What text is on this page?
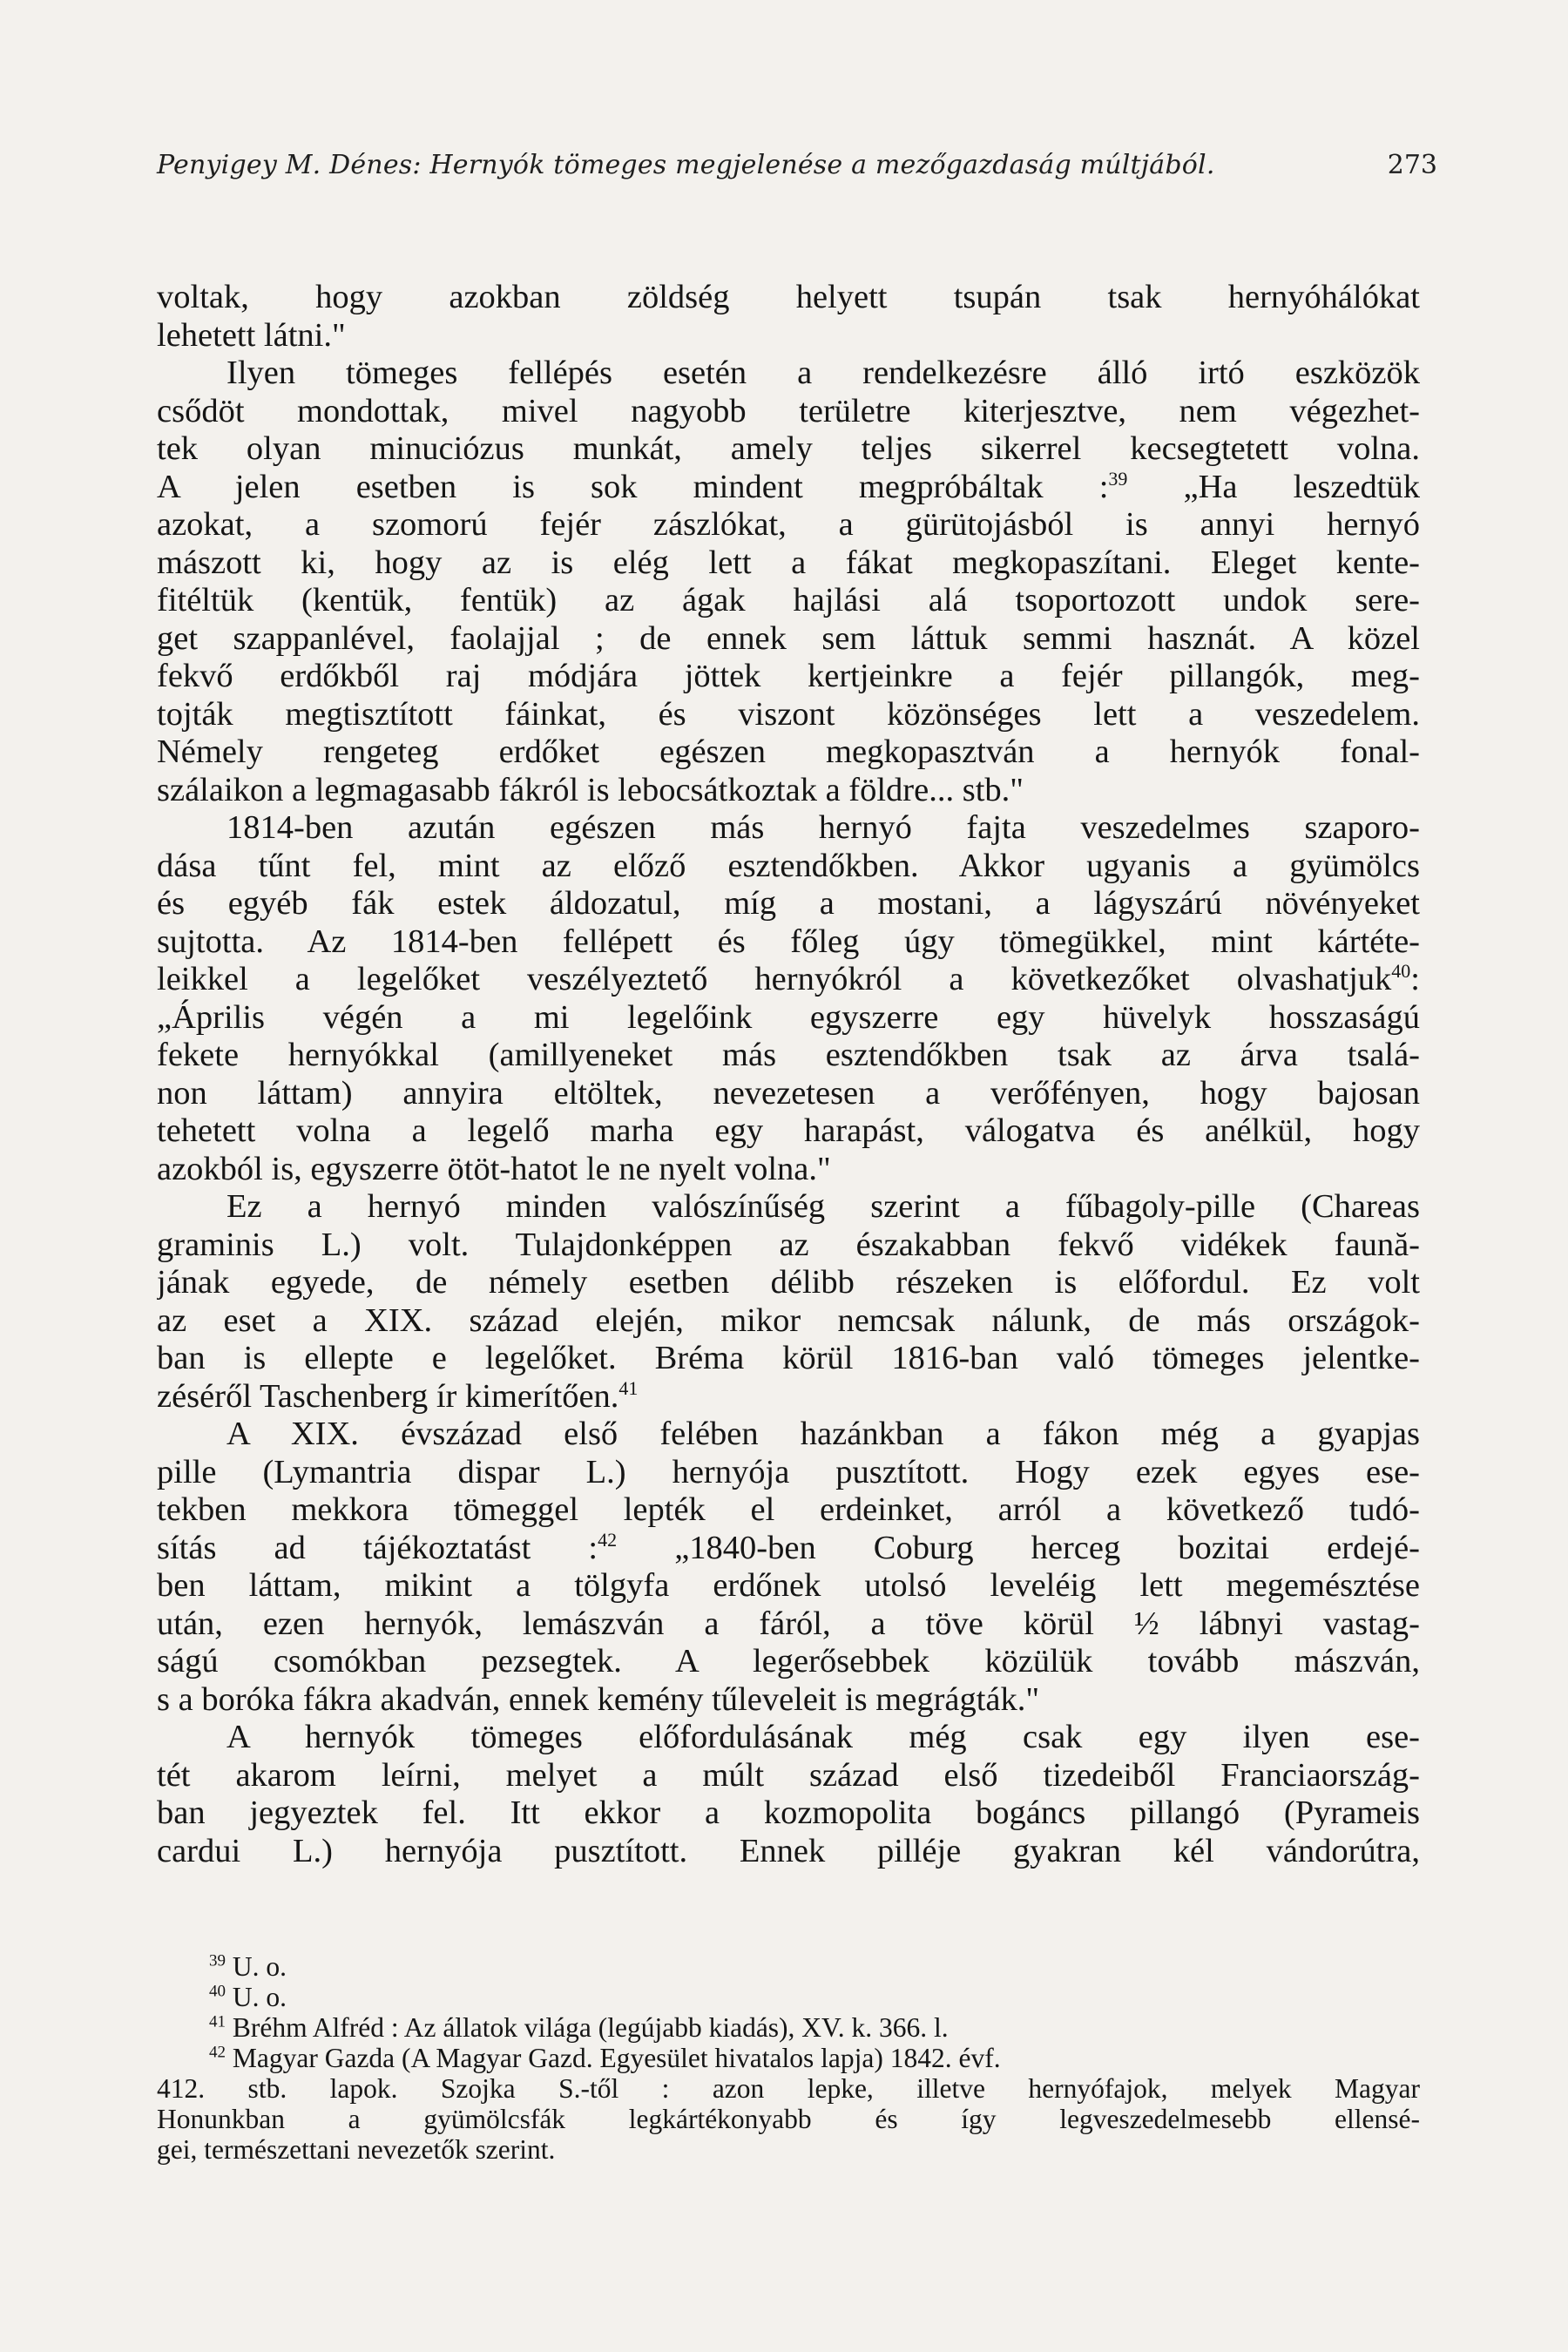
Penyigey M. Dénes: Hernyók tömeges megjelenése a mezőgazdaság múltjából.	273
voltak, hogy azokban zöldség helyett tsupán tsak hernyóhálókat
lehetett látni."
Ilyen tömeges fellépés esetén a rendelkezésre álló irtó eszközök
csődöt mondottak, mivel nagyobb területre kiterjesztve, nem végezhet-
tek olyan minuciózus munkát, amely teljes sikerrel kecsegtetett volna.
A jelen esetben is sok mindent megpróbáltak :$^{39}$ „Ha leszedtük
azokat, a szomorú fejér zászlókat, a gürütojásból is annyi hernyó
mászott ki, hogy az is elég lett a fákat megkopaszítani. Eleget kente-
fitéltük (kentük, fentük) az ágak hajlási alá tsoportozott undok sere-
get szappanlével, faolajjal ; de ennek sem láttuk semmi hasznát. A közel
fekvő erdőkből raj módjára jöttek kertjeinkre a fejér pillangók, meg-
tojták megtisztított fáinkat, és viszont közönséges lett a veszedelem.
Némely rengeteg erdőket egészen megkopasztván a hernyók fonal-
szálaikon a legmagasabb fákról is lebocsátkoztak a földre... stb."
1814-ben azután egészen más hernyó fajta veszedelmes szaporo-
dása tűnt fel, mint az előző esztendőkben. Akkor ugyanis a gyümölcs
és egyéb fák estek áldozatul, míg a mostani, a lágyszárú növényeket
sujtotta. Az 1814-ben fellépett és főleg úgy tömegükkel, mint kártéte-
leikkel a legelőket veszélyeztető hernyókról a következőket olvashatjuk$^{40}$:
„Április végén a mi legelőink egyszerre egy hüvelyk hosszaságú
fekete hernyókkal (amillyeneket más esztendőkben tsak az árva tsalá-
non láttam) annyira eltöltek, nevezetesen a verőfényen, hogy bajosan
tehetett volna a legelő marha egy harapást, válogatva és anélkül, hogy
azokból is, egyszerre ötöt-hatot le ne nyelt volna."
Ez a hernyó minden valószínűség szerint a fűbagoly-pille (Chareas
graminis L.) volt. Tulajdonképpen az északabban fekvő vidékek faună-
jának egyede, de némely esetben délibb részeken is előfordul. Ez volt
az eset a XIX. század elején, mikor nemcsak nálunk, de más országok-
ban is ellepte e legelőket. Bréma körül 1816-ban való tömeges jelentke-
zéséről Taschenberg ír kimerítően.$^{41}$
A XIX. évszázad első felében hazánkban a fákon még a gyapjas
pille (Lymantria dispar L.) hernyója pusztított. Hogy ezek egyes ese-
tekben mekkora tömeggel lepték el erdeinket, arról a következő tudó-
sítás ad tájékoztatást :$^{42}$ „1840-ben Coburg herceg bozitai erdejé-
ben láttam, mikint a tölgyfa erdőnek utolsó leveléig lett megemésztése
után, ezen hernyók, lemászván a fáról, a töve körül ½ lábnyi vastag-
ságú csomókban pezsegtek. A legerősebbek közülük tovább mászván,
s a boróka fákra akadván, ennek kemény tűleveleit is megrágták."
A hernyók tömeges előfordulásának még csak egy ilyen ese-
tét akarom leírni, melyet a múlt század első tizedeiből Franciaország-
ban jegyeztek fel. Itt ekkor a kozmopolita bogáncs pillangó (Pyrameis
cardui L.) hernyója pusztított. Ennek pilléje gyakran kél vándorútra,
$^{39}$ U. o.
$^{40}$ U. o.
$^{41}$ Bréhm Alfréd : Az állatok világa (legújabb kiadás), XV. k. 366. l.
$^{42}$ Magyar Gazda (A Magyar Gazd. Egyesület hivatalos lapja) 1842. évf.
412. stb. lapok. Szojka S.-től : azon lepke, illetve hernyófajok, melyek Magyar
Honunkban a gyümölcsfák legkártékonyabb és így legveszedelmesebb ellensé-
gei, természettani nevezetők szerint.
